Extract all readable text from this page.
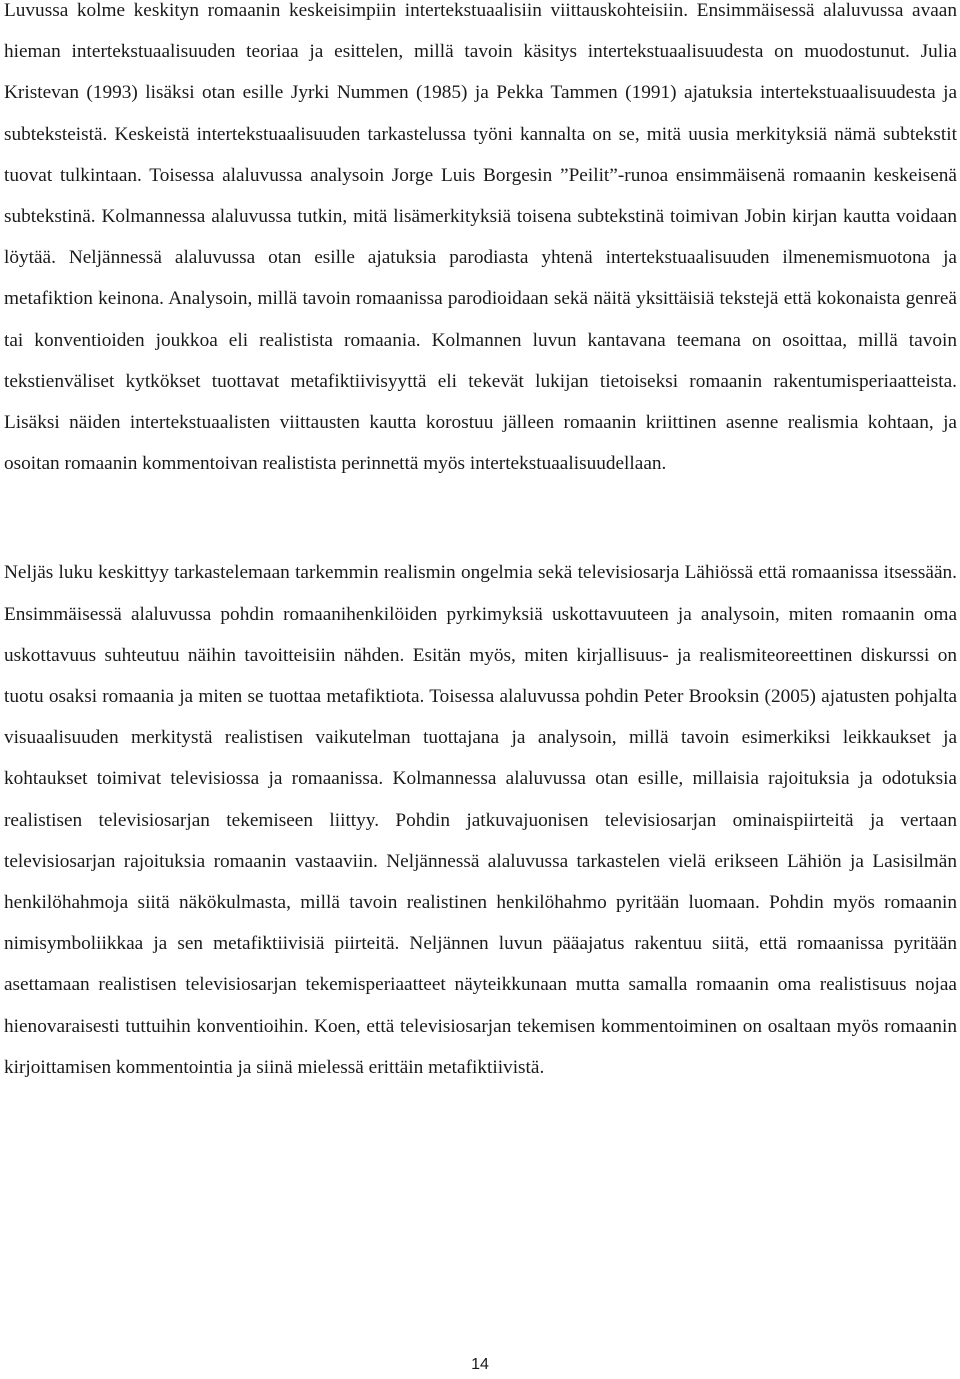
Luvussa kolme keskityn romaanin keskeisimpiin intertekstuaalisiin viittauskohteisiin. Ensimmäisessä alaluvussa avaan hieman intertekstuaalisuuden teoriaa ja esittelen, millä tavoin käsitys intertekstuaalisuudesta on muodostunut. Julia Kristevan (1993) lisäksi otan esille Jyrki Nummen (1985) ja Pekka Tammen (1991) ajatuksia intertekstuaalisuudesta ja subteksteistä. Keskeistä intertekstuaalisuuden tarkastelussa työni kannalta on se, mitä uusia merkityksiä nämä subtekstit tuovat tulkintaan. Toisessa alaluvussa analysoin Jorge Luis Borgesin ”Peilit”-runoa ensimmäisenä romaanin keskeisenä subtekstinä. Kolmannessa alaluvussa tutkin, mitä lisämerkityksiä toisena subtekstinä toimivan Jobin kirjan kautta voidaan löytää. Neljännessä alaluvussa otan esille ajatuksia parodiasta yhtenä intertekstuaalisuuden ilmenemismuotona ja metafiktion keinona. Analysoin, millä tavoin romaanissa parodioidaan sekä näitä yksittäisiä tekstejä että kokonaista genreä tai konventioiden joukkoa eli realistista romaania. Kolmannen luvun kantavana teemana on osoittaa, millä tavoin tekstienväliset kytkökset tuottavat metafiktiivisyyttä eli tekevät lukijan tietoiseksi romaanin rakentumisperiaatteista. Lisäksi näiden intertekstuaalisten viittausten kautta korostuu jälleen romaanin kriittinen asenne realismia kohtaan, ja osoitan romaanin kommentoivan realistista perinnettä myös intertekstuaalisuudellaan.

Neljäs luku keskittyy tarkastelemaan tarkemmin realismin ongelmia sekä televisiosarja Lähiössä että romaanissa itsessään. Ensimmäisessä alaluvussa pohdin romaanihenkilöiden pyrkimyksiä uskottavuuteen ja analysoin, miten romaanin oma uskottavuus suhteutuu näihin tavoitteisiin nähden. Esitän myös, miten kirjallisuus- ja realismiteoreettinen diskurssi on tuotu osaksi romaania ja miten se tuottaa metafiktiota. Toisessa alaluvussa pohdin Peter Brooksin (2005) ajatusten pohjalta visuaalisuuden merkitystä realistisen vaikutelman tuottajana ja analysoin, millä tavoin esimerkiksi leikkaukset ja kohtaukset toimivat televisiossa ja romaanissa. Kolmannessa alaluvussa otan esille, millaisia rajoituksia ja odotuksia realistisen televisiosarjan tekemiseen liittyy. Pohdin jatkuvajuonisen televisiosarjan ominaispiirteitä ja vertaan televisiosarjan rajoituksia romaanin vastaaviin. Neljännessä alaluvussa tarkastelen vielä erikseen Lähiön ja Lasisilmän henkilöhahmoja siitä näkökulmasta, millä tavoin realistinen henkilöhahmo pyritään luomaan. Pohdin myös romaanin nimisymboliikkaa ja sen metafiktiivisiä piirteitä. Neljännen luvun pääajatus rakentuu siitä, että romaanissa pyritään asettamaan realistisen televisiosarjan tekemisperiaatteet näyteikkunaan mutta samalla romaanin oma realistisuus nojaa hienovaraisesti tuttuihin konventioihin. Koen, että televisiosarjan tekemisen kommentoiminen on osaltaan myös romaanin kirjoittamisen kommentointia ja siinä mielessä erittäin metafiktiivistä.

14
